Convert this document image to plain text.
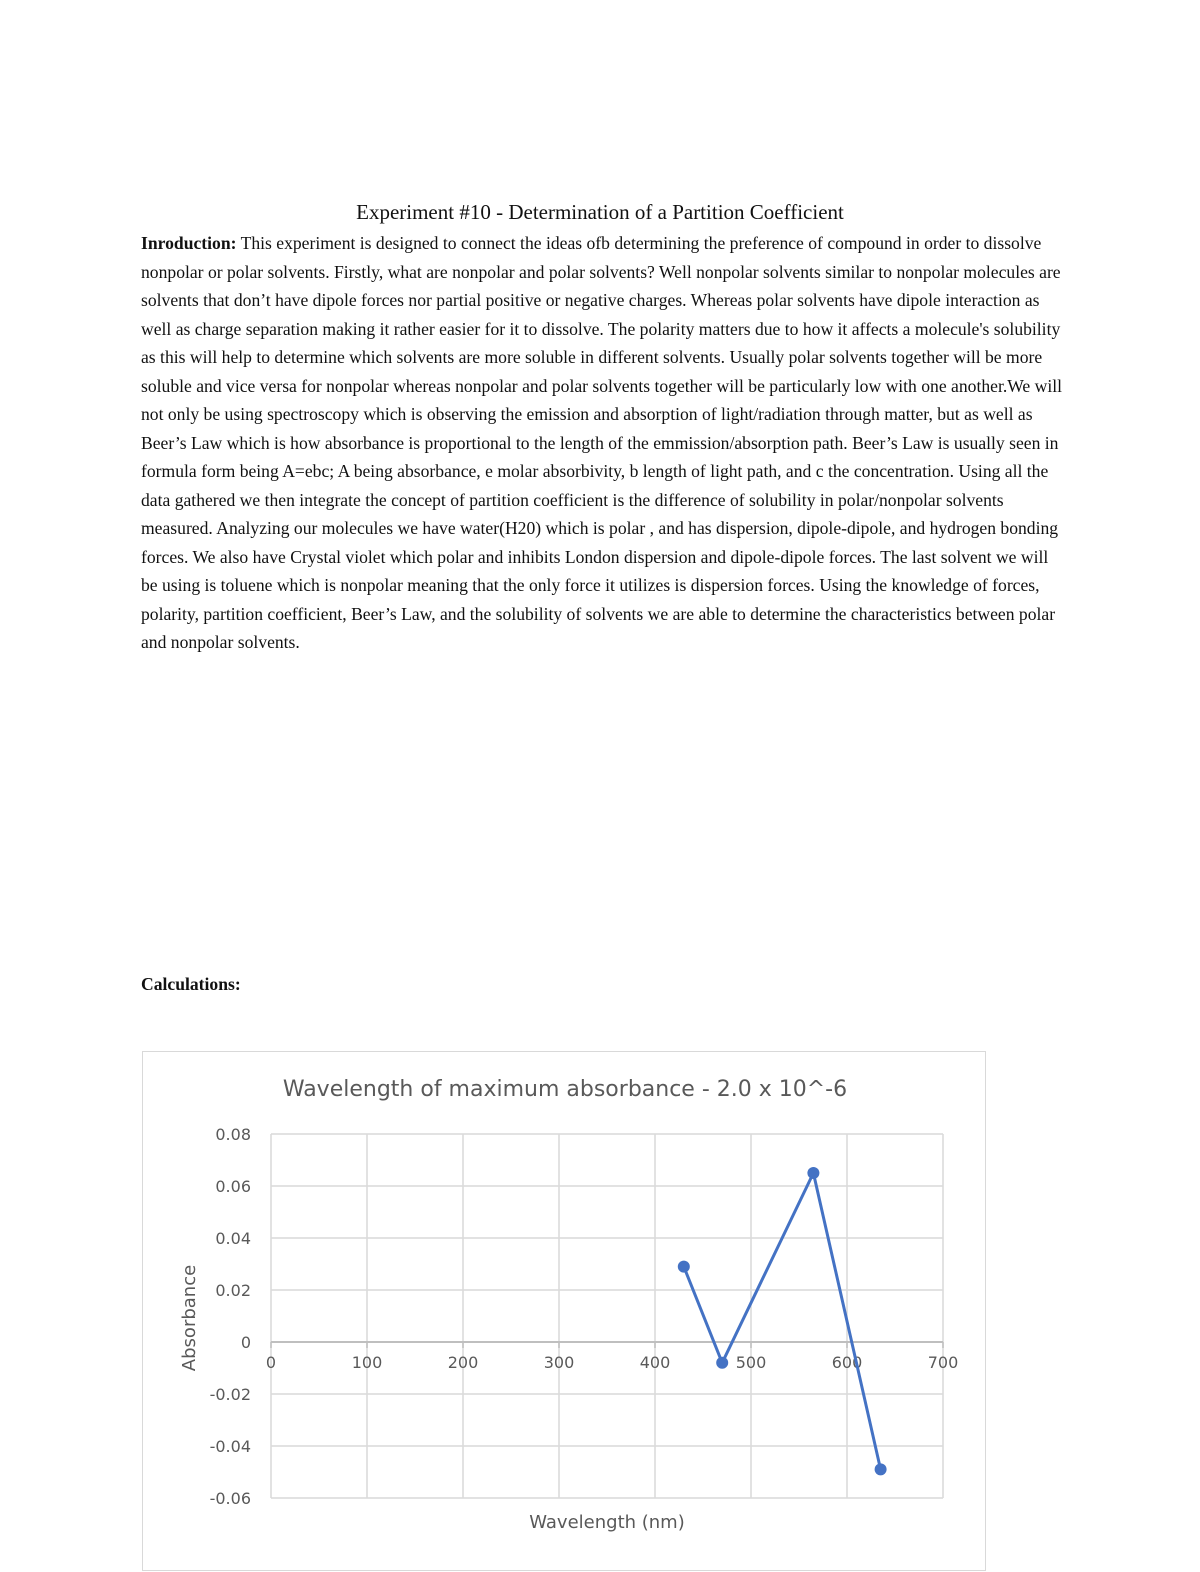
Experiment #10 - Determination of a Partition Coefficient
Inroduction: This experiment is designed to connect the ideas ofb determining the preference of compound in order to dissolve nonpolar or polar solvents. Firstly, what are nonpolar and polar solvents? Well nonpolar solvents similar to nonpolar molecules are solvents that don’t have dipole forces nor partial positive or negative charges. Whereas polar solvents have dipole interaction as well as charge separation making it rather easier for it to dissolve. The polarity matters due to how it affects a molecule's solubility as this will help to determine which solvents are more soluble in different solvents. Usually polar solvents together will be more soluble and vice versa for nonpolar whereas nonpolar and polar solvents together will be particularly low with one another.We will not only be using spectroscopy which is observing the emission and absorption of light/radiation through matter, but as well as Beer’s Law which is how absorbance is proportional to the length of the emmission/absorption path. Beer’s Law is usually seen in formula form being A=ebc; A being absorbance, e molar absorbivity, b length of light path, and c the concentration. Using all the data gathered we then integrate the concept of partition coefficient is the difference of solubility in polar/nonpolar solvents measured. Analyzing our molecules we have water(H20) which is polar , and has dispersion, dipole-dipole, and hydrogen bonding forces. We also have Crystal violet which polar and inhibits London dispersion and dipole-dipole forces. The last solvent we will be using is toluene which is nonpolar meaning that the only force it utilizes is dispersion forces. Using the knowledge of forces, polarity, partition coefficient, Beer’s Law, and the solubility of solvents we are able to determine the characteristics between polar and nonpolar solvents.
Calculations:
Wavelength of maximum absorbance - 2.0 x 10^-6
Wavelength (nm)
Absorbance
0.08
0.06
0.04
0.02
0
-0.02
-0.04
-0.06
0	100	200	300	400	500	600	700
